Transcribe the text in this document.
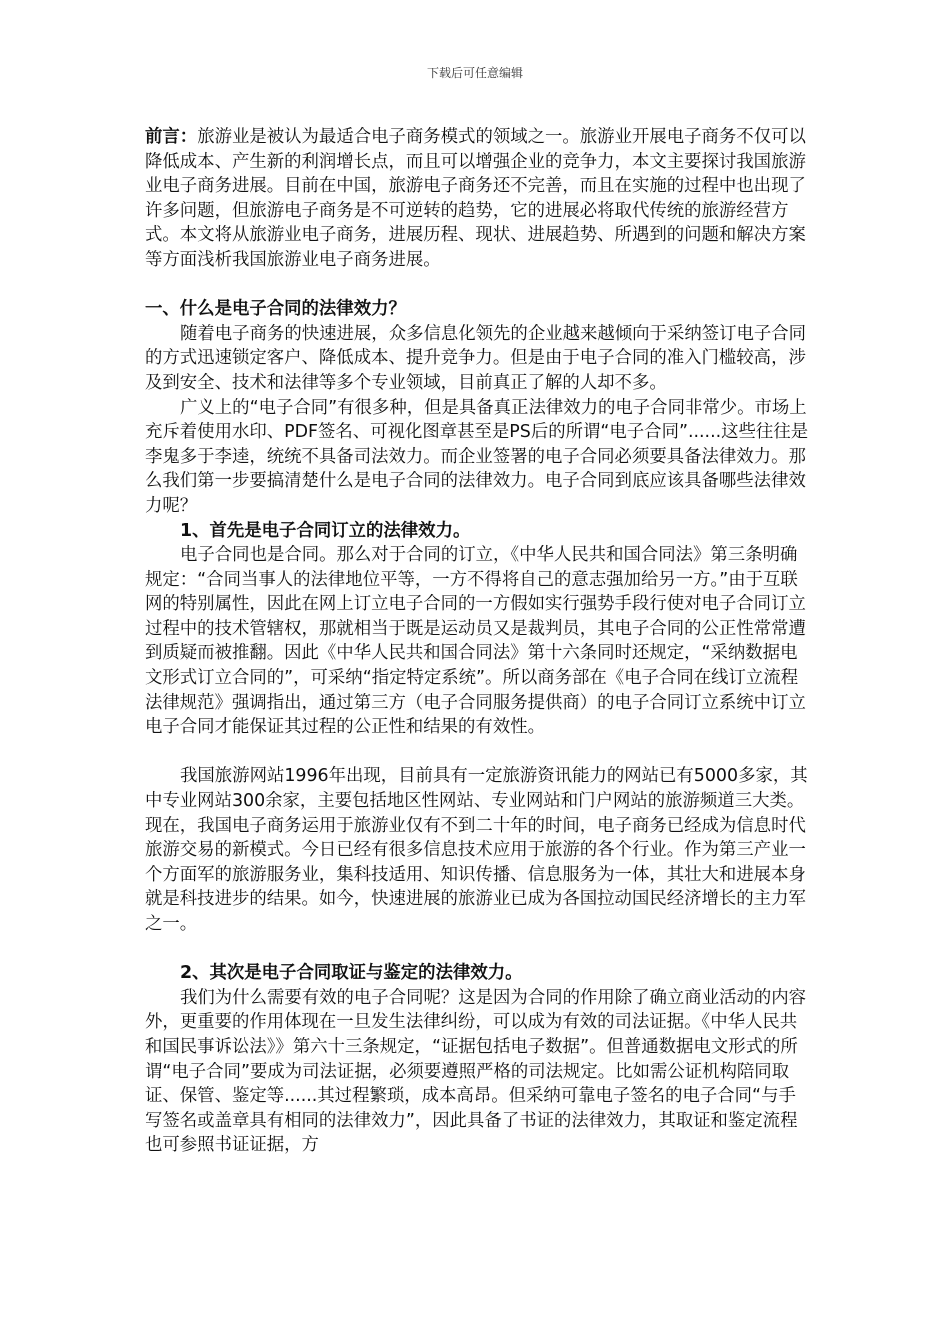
下载后可任意编辑

前言：旅游业是被认为最适合电子商务模式的领域之一。旅游业开展电子商务不仅可以降低成本、产生新的利润增长点，而且可以增强企业的竞争力，本文主要探讨我国旅游业电子商务进展。目前在中国，旅游电子商务还不完善，而且在实施的过程中也出现了许多问题，但旅游电子商务是不可逆转的趋势，它的进展必将取代传统的旅游经营方式。本文将从旅游业电子商务，进展历程、现状、进展趋势、所遇到的问题和解决方案等方面浅析我国旅游业电子商务进展。

一、什么是电子合同的法律效力？

随着电子商务的快速进展，众多信息化领先的企业越来越倾向于采纳签订电子合同的方式迅速锁定客户、降低成本、提升竞争力。但是由于电子合同的准入门槛较高，涉及到安全、技术和法律等多个专业领域，目前真正了解的人却不多。

广义上的“电子合同”有很多种，但是具备真正法律效力的电子合同非常少。市场上充斥着使用水印、PDF签名、可视化图章甚至是PS后的所谓“电子合同”......这些往往是李鬼多于李逵，统统不具备司法效力。而企业签署的电子合同必须要具备法律效力。那么我们第一步要搞清楚什么是电子合同的法律效力。电子合同到底应该具备哪些法律效力呢？

1、首先是电子合同订立的法律效力。

电子合同也是合同。那么对于合同的订立，《中华人民共和国合同法》第三条明确规定：“合同当事人的法律地位平等，一方不得将自己的意志强加给另一方。”由于互联网的特别属性，因此在网上订立电子合同的一方假如实行强势手段行使对电子合同订立过程中的技术管辖权，那就相当于既是运动员又是裁判员，其电子合同的公正性常常遭到质疑而被推翻。因此《中华人民共和国合同法》第十六条同时还规定，“采纳数据电文形式订立合同的”，可采纳“指定特定系统”。所以商务部在《电子合同在线订立流程法律规范》强调指出，通过第三方（电子合同服务提供商）的电子合同订立系统中订立电子合同才能保证其过程的公正性和结果的有效性。

我国旅游网站1996年出现，目前具有一定旅游资讯能力的网站已有5000多家，其中专业网站300余家，主要包括地区性网站、专业网站和门户网站的旅游频道三大类。现在，我国电子商务运用于旅游业仅有不到二十年的时间，电子商务已经成为信息时代旅游交易的新模式。今日已经有很多信息技术应用于旅游的各个行业。作为第三产业一个方面军的旅游服务业，集科技适用、知识传播、信息服务为一体，其壮大和进展本身就是科技进步的结果。如今，快速进展的旅游业已成为各国拉动国民经济增长的主力军之一。

2、其次是电子合同取证与鉴定的法律效力。

我们为什么需要有效的电子合同呢？这是因为合同的作用除了确立商业活动的内容外，更重要的作用体现在一旦发生法律纠纷，可以成为有效的司法证据。《中华人民共和国民事诉讼法》》第六十三条规定，“证据包括电子数据”。但普通数据电文形式的所谓“电子合同”要成为司法证据，必须要遵照严格的司法规定。比如需公证机构陪同取证、保管、鉴定等......其过程繁琐，成本高昂。但采纳可靠电子签名的电子合同“与手写签名或盖章具有相同的法律效力”，因此具备了书证的法律效力，其取证和鉴定流程也可参照书证证据，方
